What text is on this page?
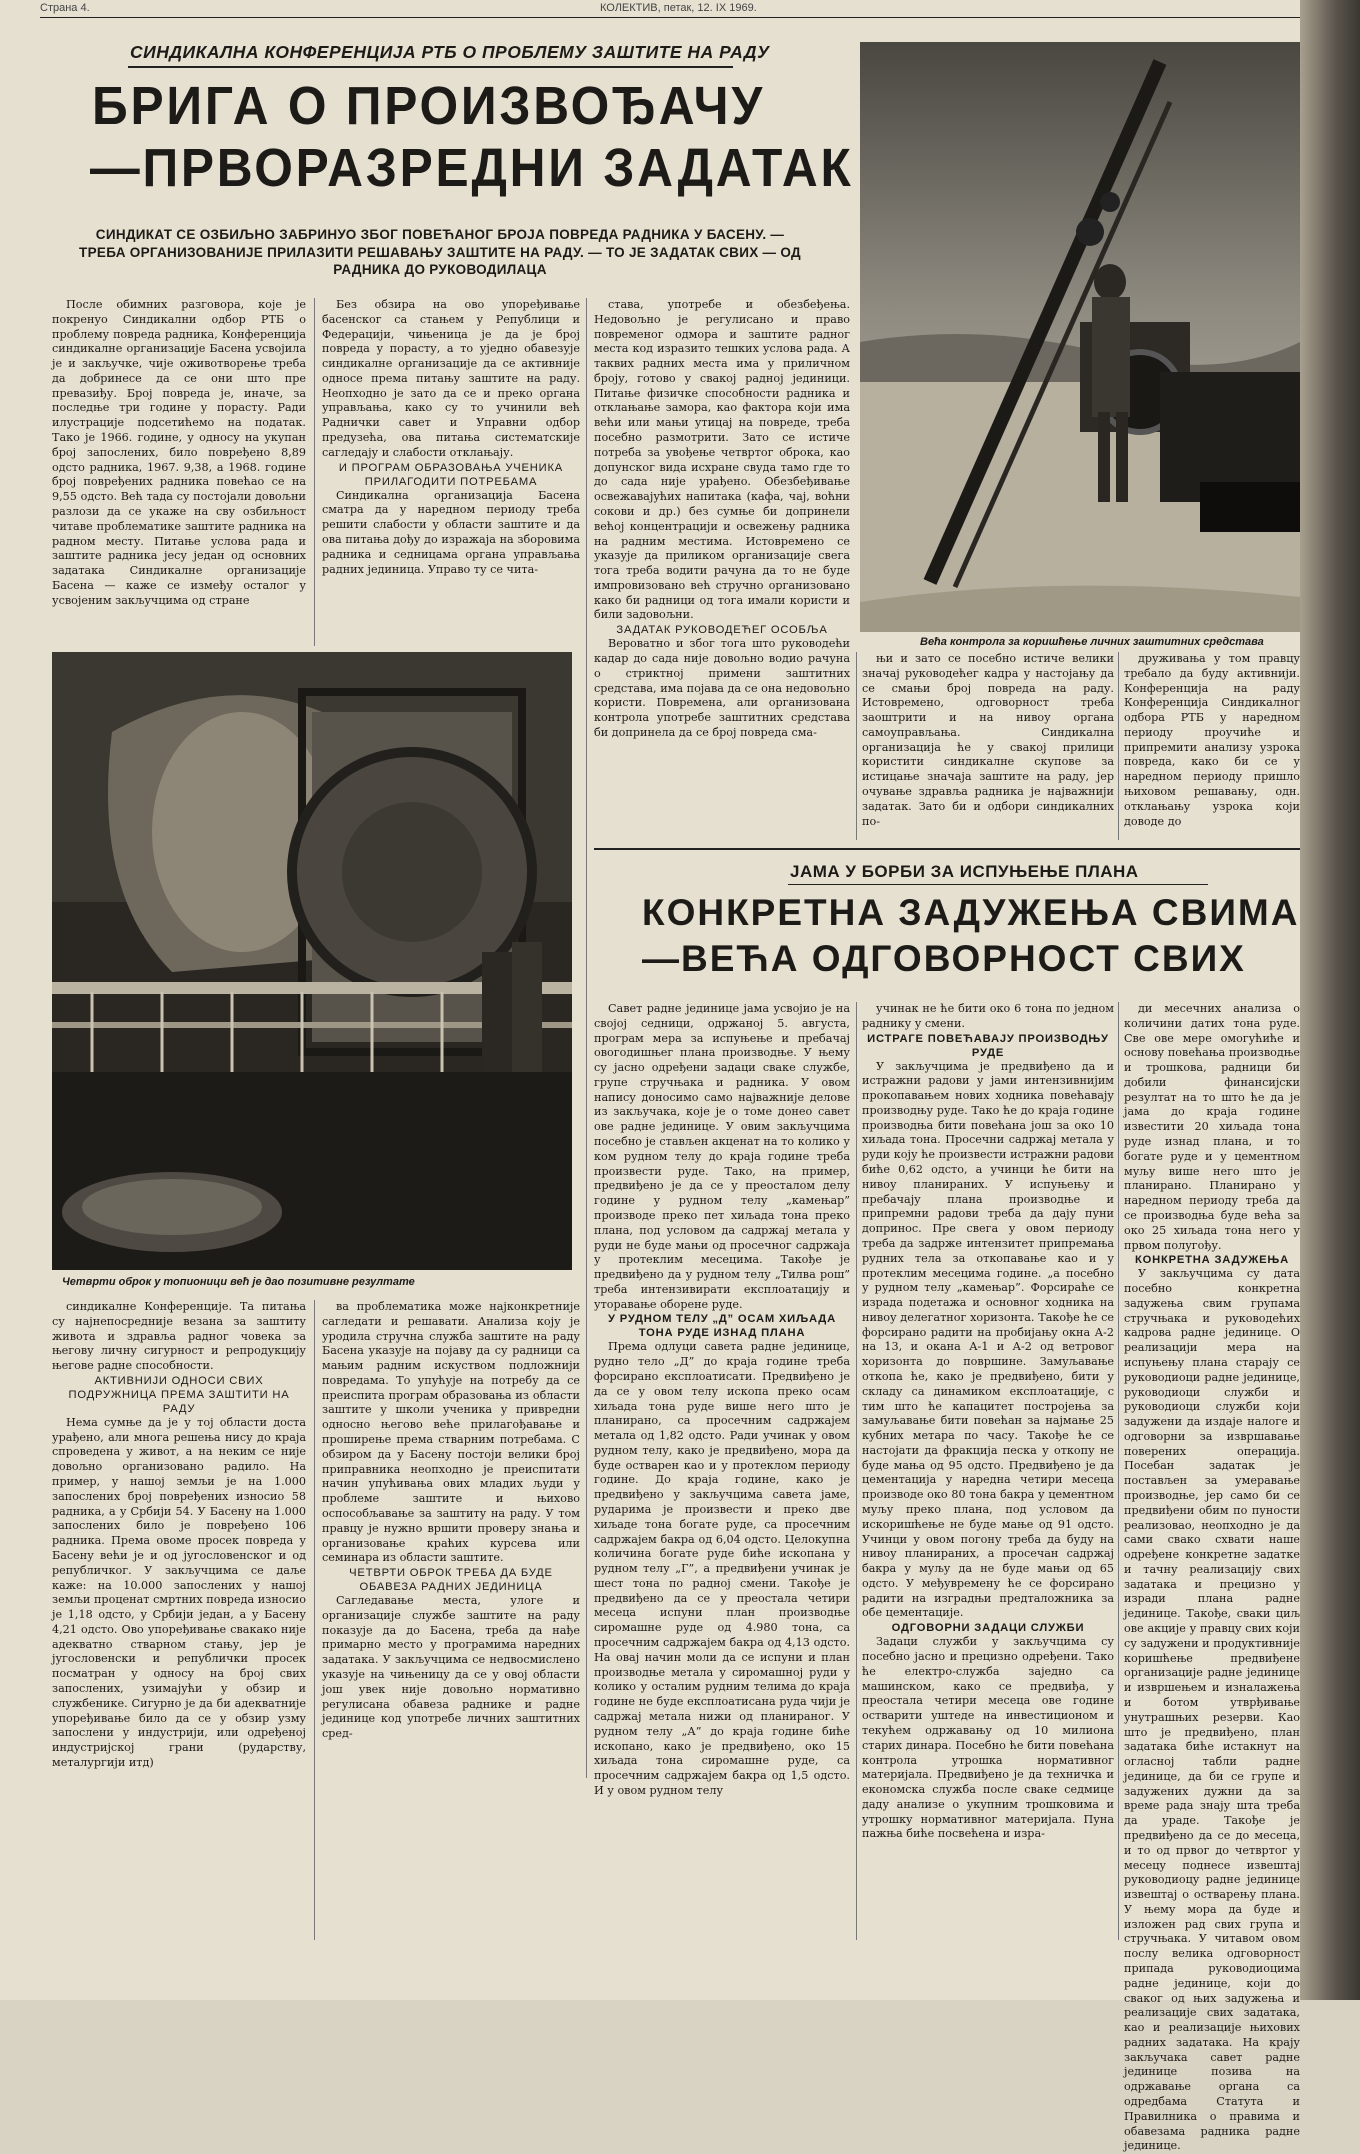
Страна 4.	КОЛЕКТИВ, петак, 12. IX 1969.
СИНДИКАЛНА КОНФЕРЕНЦИЈА РТБ О ПРОБЛЕМУ ЗАШТИТЕ НА РАДУ
БРИГА О ПРОИЗВОЂАЧУ
—ПРВОРАЗРЕДНИ ЗАДАТАК
СИНДИКАТ СЕ ОЗБИЉНО ЗАБРИНУО ЗБОГ ПОВЕЋАНОГ БРОЈА ПОВРЕДА РАДНИКА У БАСЕНУ. — ТРЕБА ОРГАНИЗОВАНИЈЕ ПРИЛАЗИТИ РЕШАВАЊУ ЗАШТИТЕ НА РАДУ. — ТО ЈЕ ЗАДАТАК СВИХ — ОД РАДНИКА ДО РУКОВОДИЛАЦА

После обимних разговора, које је покренуо Синдикални одбор РТБ о проблему повреда радника, Конференција синдикалне организације Басена усвојила је и закључке, чије оживотворење треба да добринесе да се они што пре превазиђу. Број повреда је, иначе, за последње три године у порасту. Ради илустрације подсетићемо на податак. Тако је 1966. године, у односу на укупан број запослених, било повређено 8,89 одсто радника, 1967. 9,38, а 1968. године број повређених радника повећао се на 9,55 одсто. Већ тада су постојали довољни разлози да се укаже на сву озбиљност читаве проблематике заштите радника на радном месту. Питање услова рада и заштите радника јесу један од основних задатака Синдикалне организације Басена — каже се између осталог у усвојеним закључцима од стране

Без обзира на ово упоређивање басенског са стањем у Републици и Федерацији, чињеница је да је број повреда у порасту, а то уједно обавезује синдикалне организације да се активније односе према питању заштите на раду. Неопходно је зато да се и преко органа управљања, како су то учинили већ Раднички савет и Управни одбор предузећа, ова питања систематскије сагледају и слабости отклањају.

И ПРОГРАМ ОБРАЗОВАЊА УЧЕНИКА ПРИЛАГОДИТИ ПОТРЕБАМА

Синдикална организација Басена сматра да у наредном периоду треба решити слабости у области заштите и да ова питања дођу до изражаја на зборовима радника и седницама органа управљања радних јединица. Управо ту се чита-

става, употребе и обезбеђења. Недовољно је регулисано и право повременог одмора и заштите радног места код изразито тешких услова рада. А таквих радних места има у приличном броју, готово у свакој радној јединици. Питање физичке способности радника и отклањање замора, као фактора који има већи или мањи утицај на повреде, треба посебно размотрити. Зато се истиче потреба за увођење четвртог оброка, као допунског вида исхране свуда тамо где то до сада није урађено. Обезбеђивање освежавајућих напитака (кафа, чај, воћни сокови и др.) без сумње би допринели већој концентрацији и освежењу радника на радним местима. Истовремено се указује да приликом организације свега тога треба водити рачуна да то не буде импровизовано већ стручно организовано како би радници од тога имали користи и били задовољни.

ЗАДАТАК РУКОВОДЕЋЕГ ОСОБЉА

Вероватно и због тога што руководећи кадар до сада није довољно водио рачуна о стриктној примени заштитних средстава, има појава да се она недовољно користи. Повремена, али организована контрола употребе заштитних средстава би допринела да се број повреда сма-

њи и зато се посебно истиче велики значај руководећег кадра у настојању да се смањи број повреда на раду. Истовремено, одговорност треба заоштрити и на нивоу органа самоуправљања. Синдикална организација ће у свакој прилици користити синдикалне скупове за истицање значаја заштите на раду, јер очување здравља радника је најважнији задатак. Зато би и одбори синдикалних по-

друживања у том правцу требало да буду активнији. Конференција на раду Конференција Синдикалног одбора РТБ у наредном периоду проучиће и припремити анализу узрока повреда, како би се у наредном периоду пришло њиховом решавању, одн. отклањању узрока који доводе до

Већа контрола за коришћење личних заштитних средстава
Четврти оброк у топионици већ је дао позитивне резултате

синдикалне Конференције. Та питања су најнепосредније везана за заштиту живота и здравља радног човека за његову личну сигурност и репродукцију његове радне способности.

АКТИВНИЈИ ОДНОСИ СВИХ ПОДРУЖНИЦА ПРЕМА ЗАШТИТИ НА РАДУ

Нема сумње да је у тој области доста урађено, али многа решења нису до краја спроведена у живот, а на неким се није довољно организовано радило. На пример, у нашој земљи је на 1.000 запослених број повређених износио 58 радника, а у Србији 54. У Басену на 1.000 запослених било је повређено 106 радника. Према овоме просек повреда у Басену већи је и од југословенског и од републичког. У закључцима се даље каже: на 10.000 запослених у нашој земљи проценат смртних повреда износио је 1,18 одсто, у Србији један, а у Басену 4,21 одсто. Ово упоређивање свакако није адекватно стварном стању, јер је југословенски и републички просек посматран у односу на број свих запослених, узимајући у обзир и службенике. Сигурно је да би адекватније упоређивање било да се у обзир узму запослени у индустрији, или одређеној индустријској грани (рударству, металургији итд)

ва проблематика може најконкретније сагледати и решавати. Анализа коју је уродила стручна служба заштите на раду Басена указује на појаву да су радници са мањим радним искуством подложнији повредама. То упућује на потребу да се преиспита програм образовања из области заштите у школи ученика у привредни односно његово веће прилагођавање и проширење према стварним потребама. С обзиром да у Басену постоји велики број приправника неопходно је преиспитати начин упућивања ових младих људи у проблеме заштите и њихово оспособљавање за заштиту на раду. У том правцу је нужно вршити проверу знања и организовање краћих курсева или семинара из области заштите.

ЧЕТВРТИ ОБРОК ТРЕБА ДА БУДЕ ОБАВЕЗА РАДНИХ ЈЕДИНИЦА

Сагледавање места, улоге и организације службе заштите на раду показује да до Басена, треба да нађе примарно место у програмима наредних задатака. У закључцима се недвосмислено указује на чињеницу да се у овој области још увек није довољно нормативно регулисана обавеза раднике и радне јединице код употребе личних заштитних сред-

ЈАМА У БОРБИ ЗА ИСПУЊЕЊЕ ПЛАНА
КОНКРЕТНА ЗАДУЖЕЊА СВИМА
—ВЕЋА ОДГОВОРНОСТ СВИХ

Савет радне јединице јама усвојио је на својој седници, одржаној 5. августа, програм мера за испуњење и пребачај овогодишњег плана производње. У њему су јасно одређени задаци сваке службе, групе стручњака и радника. У овом напису доносимо само најважније делове из закључака, које је о томе донео савет ове радне јединице. У овим закључцима посебно је стављен акценат на то колико у ком рудном телу до краја године треба произвести руде. Тако, на пример, предвиђено је да се у преосталом делу године у рудном телу „камењар” производе преко пет хиљада тона преко плана, под условом да садржај метала у руди не буде мањи од просечног садржаја у протеклим месецима. Такође је предвиђено да у рудном телу „Тилва рош” треба интензивирати експлоатацију и уторавање оборене руде.

У РУДНОМ ТЕЛУ „Д” ОСАМ ХИЉАДА ТОНА РУДЕ ИЗНАД ПЛАНА

Према одлуци савета радне јединице, рудно тело „Д” до краја године треба форсирано експлоатисати. Предвиђено је да се у овом телу ископа преко осам хиљада тона руде више него што је планирано, са просечним садржајем метала од 1,82 одсто. Ради учинак у овом рудном телу, како је предвиђено, мора да буде остварен као и у протеклом периоду године. До краја године, како је предвиђено у закључцима савета јаме, рударима је произвести и преко две хиљаде тона богате руде, са просечним садржајем бакра од 6,04 одсто. Целокупна количина богате руде биће ископана у рудном телу „Г”, а предвиђени учинак је шест тона по радној смени. Такође је предвиђено да се у преостала четири месеца испуни план производње сиромашне руде од 4.980 тона, са просечним садржајем бакра од 4,13 одсто. На овај начин моли да се испуни и план производње метала у сиромашној руди у колико у осталим рудним телима до краја године не буде експлоатисана руда чији је садржај метала нижи од планираног. У рудном телу „А” до краја године биће ископано, како је предвиђено, око 15 хиљада тона сиромашне руде, са просечним садржајем бакра од 1,5 одсто. И у овом рудном телу

учинак не ће бити око 6 тона по једном раднику у смени.

ИСТРАГЕ ПОВЕЋАВАЈУ ПРОИЗВОДЊУ РУДЕ

У закључцима је предвиђено да и истражни радови у јами интензивнијим прокопавањем нових ходника повећавају производњу руде. Тако ће до краја године производња бити повећана још за око 10 хиљада тона. Просечни садржај метала у руди коју ће произвести истражни радови биће 0,62 одсто, а учинци ће бити на нивоу планираних. У испуњењу и пребачају плана производње и припремни радови треба да дају пуни допринос. Пре свега у овом периоду треба да задрже интензитет припремања рудних тела за откопавање као и у протеклим месецима године. „а посебно у рудном телу „камењар”. Форсираће се израда подетажа и основног ходника на нивоу делегатног хоризонта. Такође ће се форсирано радити на пробијању окна А-2 на 13, и окана А-1 и А-2 од ветровог хоризонта до површине. Замуљавање откопа ће, како је предвиђено, бити у складу са динамиком експлоатације, с тим што ће капацитет постројења за замуљавање бити повећан за најмање 25 кубних метара по часу. Такође ће се настојати да фракција песка у откопу не буде мања од 95 одсто. Предвиђено је да цементација у наредна четири месеца производе око 80 тона бакра у цементном муљу преко плана, под условом да искоришћење не буде мање од 91 одсто. Учинци у овом погону треба да буду на нивоу планираних, а просечан садржај бакра у муљу да не буде мањи од 65 одсто. У међувремену ће се форсирано радити на изградњи предталожника за обе цементације.

ОДГОВОРНИ ЗАДАЦИ СЛУЖБИ

Задаци служби у закључцима су посебно јасно и прецизно одређени. Тако ће електро-служба заједно са машинском, како се предвиђа, у преостала четири месеца ове године остварити уштеде на инвестиционом и текућем одржавању од 10 милиона старих динара. Посебно ће бити повећана контрола утрошка нормативног материјала. Предвиђено је да техничка и економска служба после сваке седмице даду анализе о укупним трошковима и утрошку нормативног материјала. Пуна пажња биће посвећена и изра-

ди месечних анализа о количини датих тона руде. Све ове мере омогућиће и основу повећања производње и трошкова, радници би добили финансијски резултат на то што ће да је јама до краја године известити 20 хиљада тона руде изнад плана, и то богате руде и у цементном муљу више него што је планирано. Планирано у наредном периоду треба да се производња буде већа за око 25 хиљада тона него у првом полугођу.

КОНКРЕТНА ЗАДУЖЕЊА

У закључцима су дата посебно конкретна задужења свим групама стручњака и руководећих кадрова радне јединице. О реализацији мера на испуњењу плана старају се руководиоци радне јединице, руководиоци служби и руководиоци служби који задужени да издаје налоге и одговорни за извршавање поверених операција. Посебан задатак је постављен за умеравање производње, јер само би се предвиђени обим по пуности реализовао, неопходно је да сами свако схвати наше одређене конкретне задатке и тачну реализацију свих задатака и прецизно у изради плана радне јединице. Такође, сваки циљ ове акције у правцу свих који су задужени и продуктивније коришћење предвиђене организације радне јединице и извршењем и изналажења и ботом утврђивање унутрашњих резерви. Као што је предвиђено, план задатака биће истакнут на огласној табли радне јединице, да би се групе и задужених дужни да за време рада знају шта треба да ураде. Такође је предвиђено да се до месеца, и то од првог до четвртог у месецу поднесе извештај руководиоцу радне јединице извештај о остварењу плана. У њему мора да буде и изложен рад свих група и стручњака. У читавом овом послу велика одговорност припада руководиоцима радне јединице, који до сваког од њих задужења и реализације свих задатака, као и реализације њихових радних задатака. На крају закључака савет радне јединице позива на одржавање органа са одредбама Статута и Правилника о правима и обавезама радника радне јединице.
